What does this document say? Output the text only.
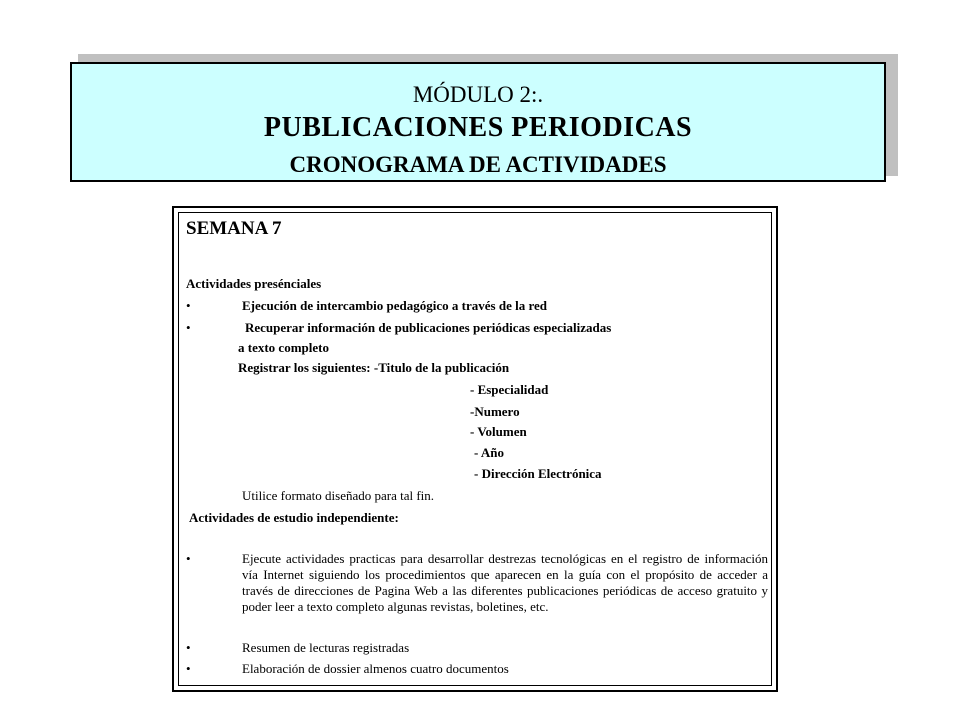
MÓDULO 2:.
PUBLICACIONES PERIODICAS
CRONOGRAMA DE ACTIVIDADES
SEMANA 7
Actividades presénciales
•	Ejecución de intercambio pedagógico a través de la red
•	Recuperar información de publicaciones periódicas especializadas
a texto completo
Registrar los siguientes: -Titulo de la publicación
- Especialidad
-Numero
- Volumen
- Año
- Dirección Electrónica
Utilice formato diseñado para tal fin.
Actividades de estudio independiente:
•	Ejecute actividades practicas para desarrollar destrezas tecnológicas en el registro de información vía Internet siguiendo los procedimientos que aparecen en la guía con el propósito de acceder a través de direcciones de Pagina Web a las diferentes publicaciones periódicas de acceso gratuito y poder leer a texto completo algunas revistas, boletines, etc.
•	Resumen de lecturas registradas
•	Elaboración de dossier almenos cuatro documentos
